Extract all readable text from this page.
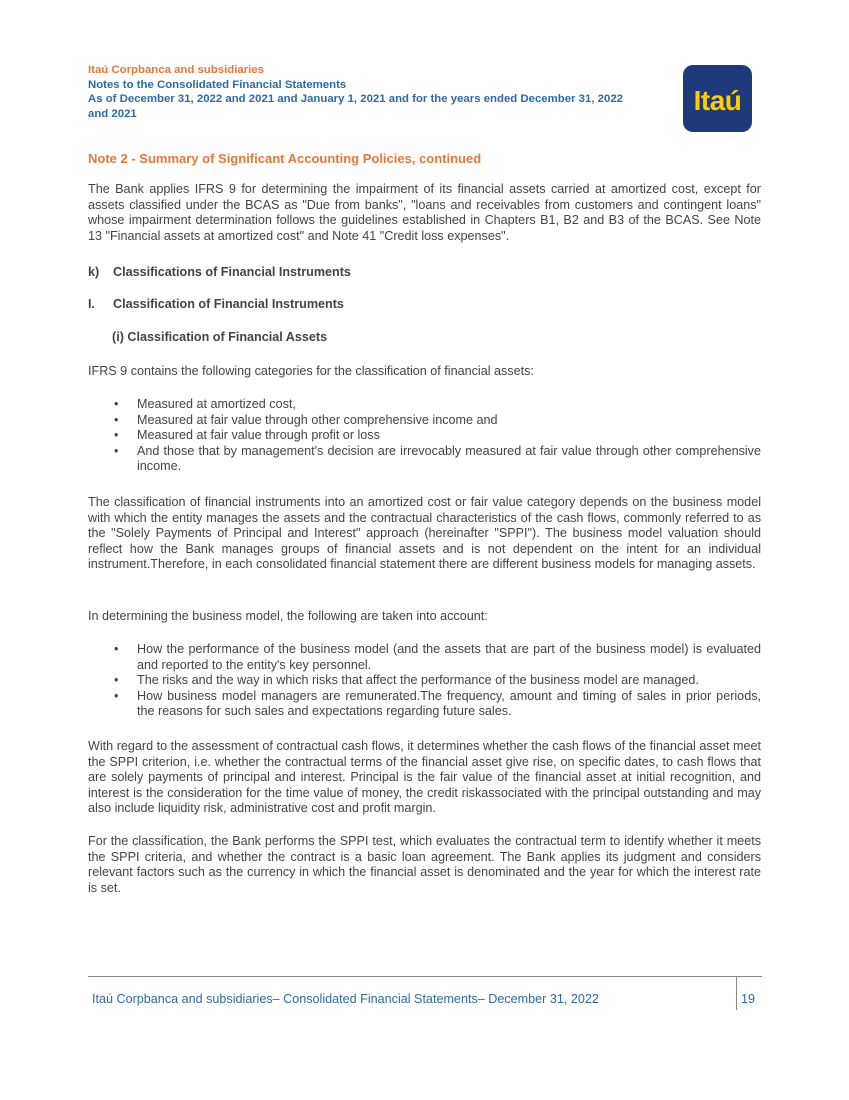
Itaú Corpbanca and subsidiaries
Notes to the Consolidated Financial Statements
As of December 31, 2022 and 2021 and January 1, 2021 and for the years ended December 31, 2022
and 2021	Itaú
Note 2 - Summary of Significant Accounting Policies, continued

The Bank applies IFRS 9 for determining the impairment of its financial assets carried at amortized cost, except for assets classified under the BCAS as "Due from banks", "loans and receivables from customers and contingent loans" whose impairment determination follows the guidelines established in Chapters B1, B2 and B3 of the BCAS. See Note 13 "Financial assets at amortized cost" and Note 41 "Credit loss expenses".

k) Classifications of Financial Instruments
I. Classification of Financial Instruments
(i) Classification of Financial Assets

IFRS 9 contains the following categories for the classification of financial assets:

• Measured at amortized cost,
• Measured at fair value through other comprehensive income and
• Measured at fair value through profit or loss
• And those that by management's decision are irrevocably measured at fair value through other comprehensive income.

The classification of financial instruments into an amortized cost or fair value category depends on the business model with which the entity manages the assets and the contractual characteristics of the cash flows, commonly referred to as the "Solely Payments of Principal and Interest" approach (hereinafter "SPPI"). The business model valuation should reflect how the Bank manages groups of financial assets and is not dependent on the intent for an individual instrument.Therefore, in each consolidated financial statement there are different business models for managing assets.

In determining the business model, the following are taken into account:

• How the performance of the business model (and the assets that are part of the business model) is evaluated and reported to the entity's key personnel.
• The risks and the way in which risks that affect the performance of the business model are managed.
• How business model managers are remunerated.The frequency, amount and timing of sales in prior periods, the reasons for such sales and expectations regarding future sales.

With regard to the assessment of contractual cash flows, it determines whether the cash flows of the financial asset meet the SPPI criterion, i.e. whether the contractual terms of the financial asset give rise, on specific dates, to cash flows that are solely payments of principal and interest. Principal is the fair value of the financial asset at initial recognition, and interest is the consideration for the time value of money, the credit riskassociated with the principal outstanding and may also include liquidity risk, administrative cost and profit margin.

For the classification, the Bank performs the SPPI test, which evaluates the contractual term to identify whether it meets the SPPI criteria, and whether the contract is a basic loan agreement. The Bank applies its judgment and considers relevant factors such as the currency in which the financial asset is denominated and the year for which the interest rate is set.

Itaú Corpbanca and subsidiaries– Consolidated Financial Statements– December 31, 2022	19
